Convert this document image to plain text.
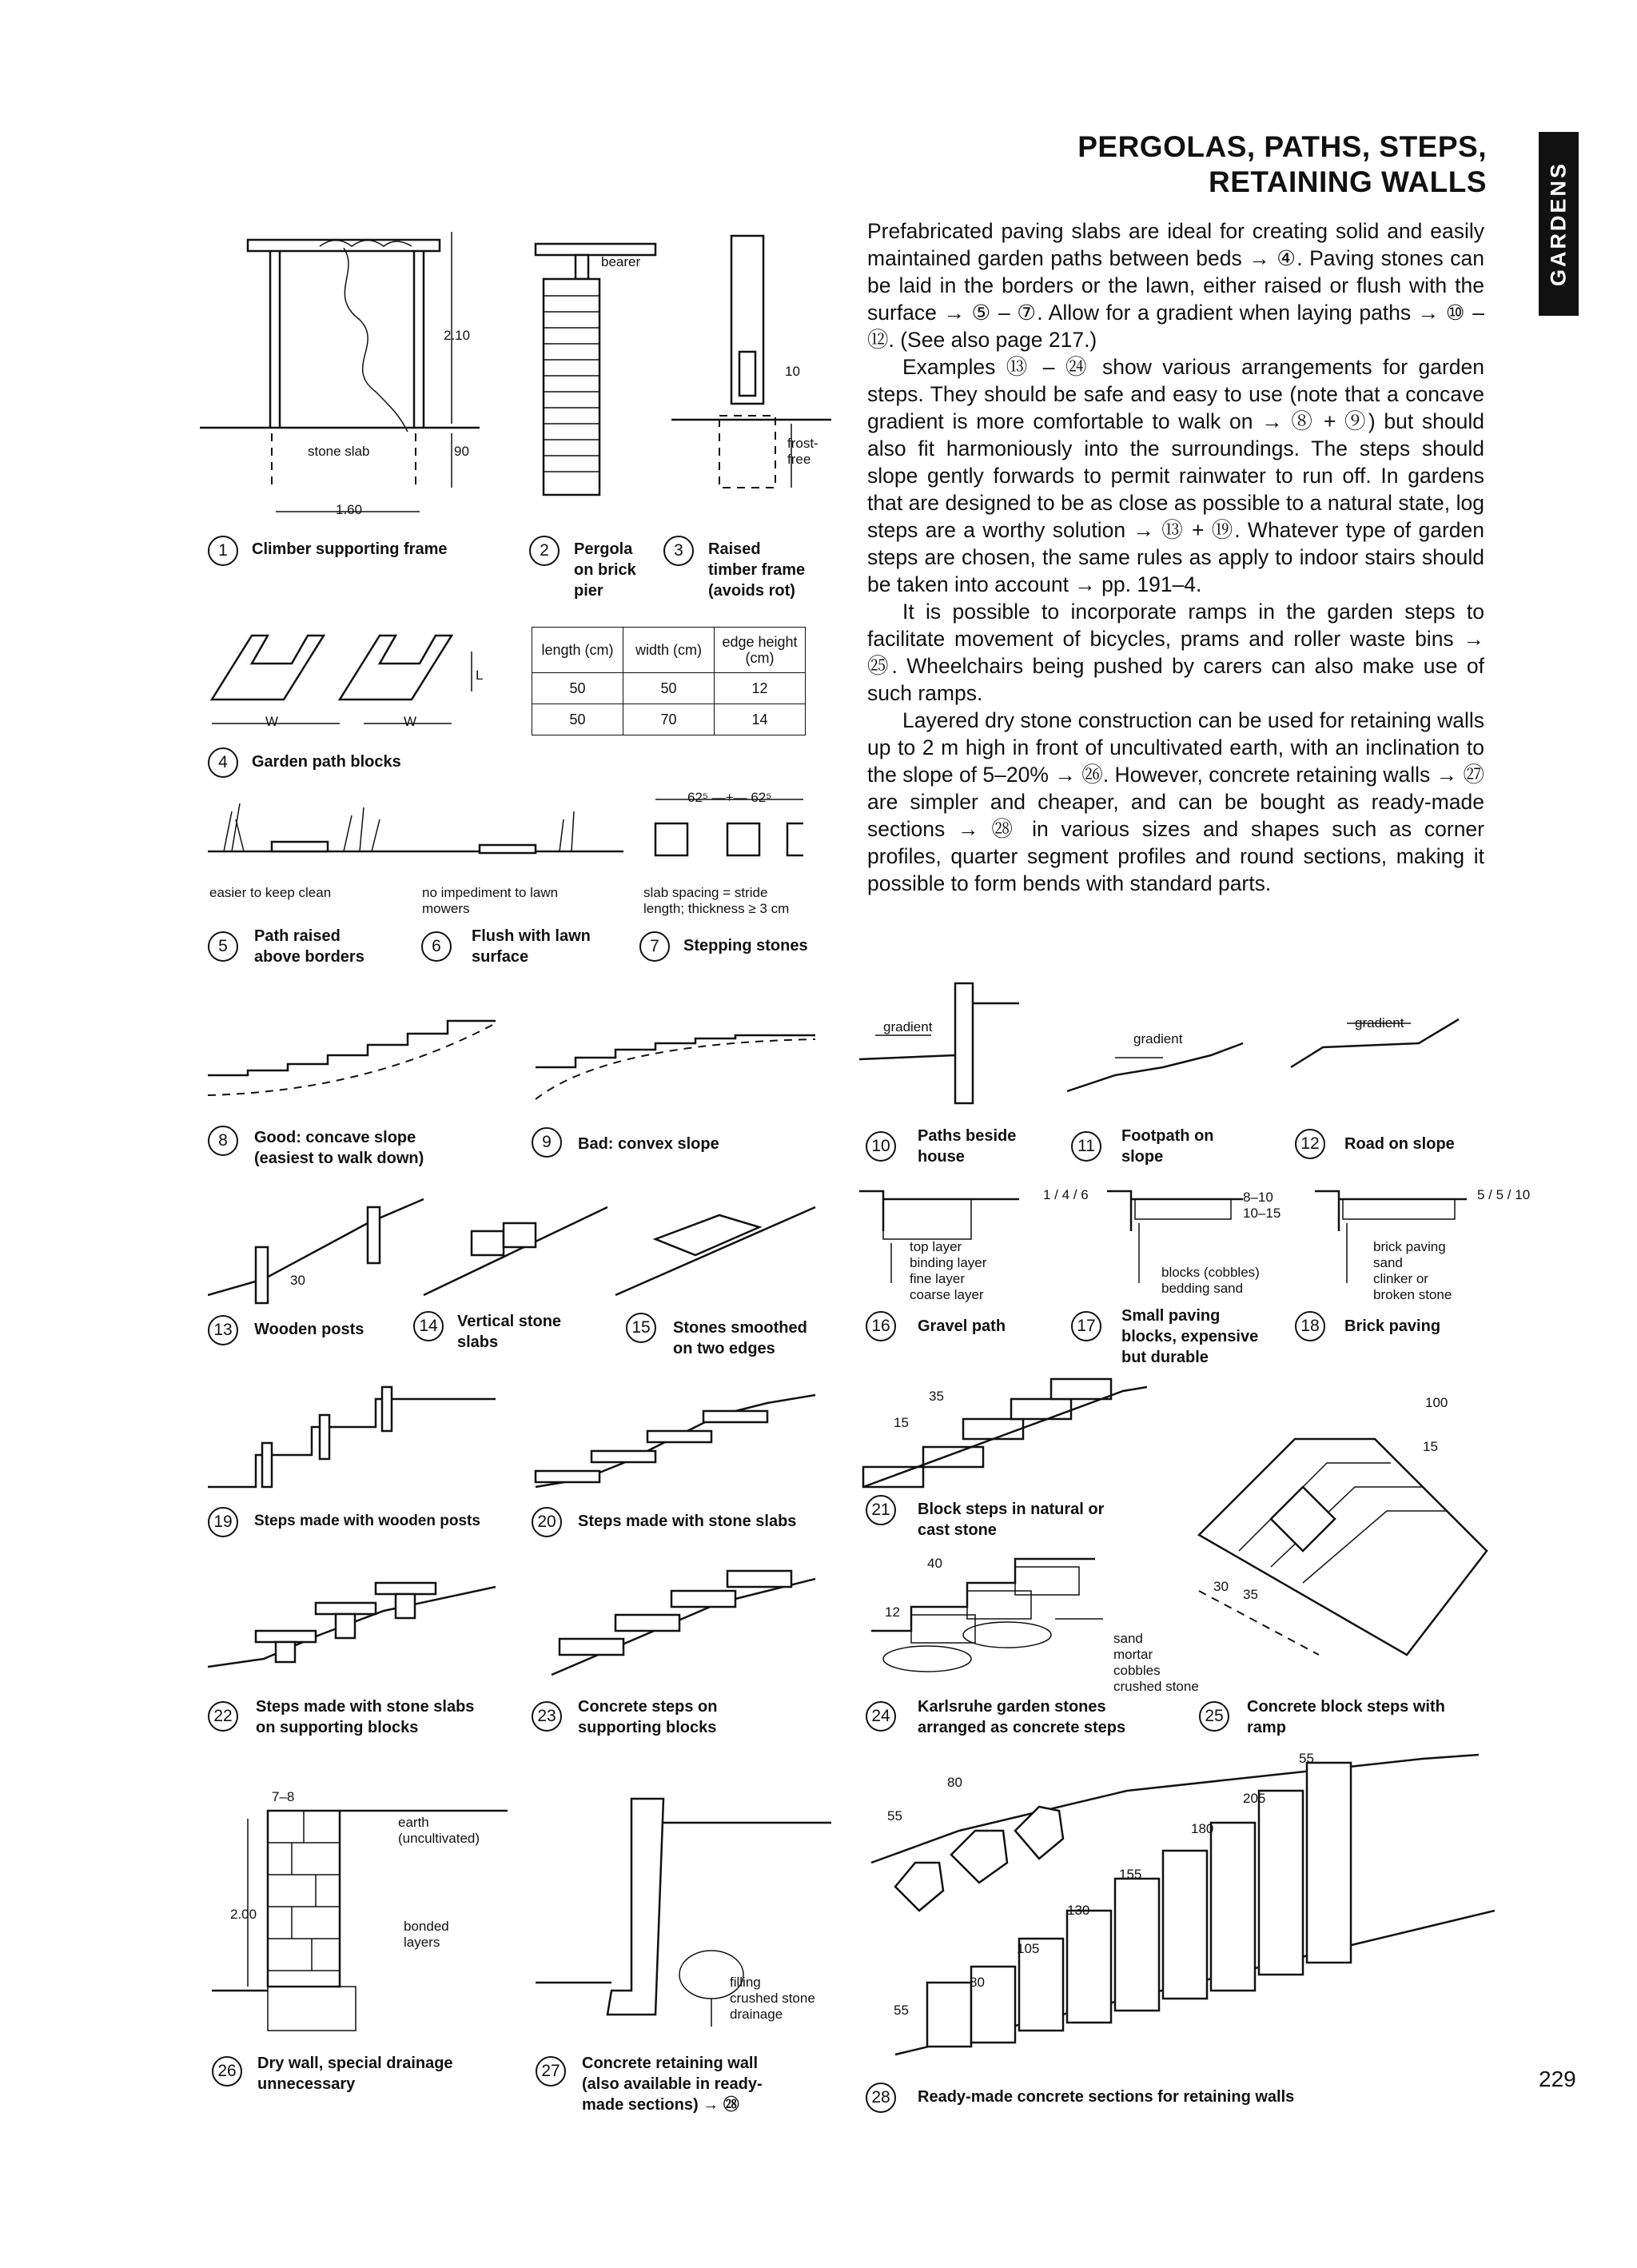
PERGOLAS, PATHS, STEPS,
RETAINING WALLS	GARDENS

Prefabricated paving slabs are ideal for creating solid and easily maintained garden paths between beds → ④. Paving stones can be laid in the borders or the lawn, either raised or flush with the surface → ⑤ – ⑦. Allow for a gradient when laying paths → ⑩ – ⑫. (See also page 217.)

Examples ⑬ – ㉔ show various arrangements for garden steps. They should be safe and easy to use (note that a concave gradient is more comfortable to walk on → ⑧ + ⑨) but should also fit harmoniously into the surroundings. The steps should slope gently forwards to permit rainwater to run off. In gardens that are designed to be as close as possible to a natural state, log steps are a worthy solution → ⑬ + ⑲. Whatever type of garden steps are chosen, the same rules as apply to indoor stairs should be taken into account → pp. 191–4.

It is possible to incorporate ramps in the garden steps to facilitate movement of bicycles, prams and roller waste bins → ㉕. Wheelchairs being pushed by carers can also make use of such ramps.

Layered dry stone construction can be used for retaining walls up to 2 m high in front of uncultivated earth, with an inclination to the slope of 5–20% → ㉖. However, concrete retaining walls → ㉗ are simpler and cheaper, and can be bought as ready-made sections → ㉘ in various sizes and shapes such as corner profiles, quarter segment profiles and round sections, making it possible to form bends with standard parts.

stone slab
2.10
90
1.60
1	Climber supporting frame
bearer
2	Pergola
on brick
pier
10
frost-
free
3	Raised
timber frame
(avoids rot)
W	W
L
length (cm)	width (cm)	edge height (cm)
50	50	12
50	70	14
4	Garden path blocks
62⁵ —+— 62⁵
easier to keep clean	no impediment to lawn
mowers
slab spacing = stride
length; thickness ≥ 3 cm
5
Path raised
above borders
6
Flush with lawn
surface
7	Stepping stones
8	Good: concave slope
(easiest to walk down)
9	Bad: convex slope
gradient
gradient
gradient
10
Paths beside
house
11
Footpath on
slope
12	Road on slope
30
13	Wooden posts	14	Vertical stone
slabs
15	Stones smoothed
on two edges
1 / 4 / 6
top layer
binding layer
fine layer
coarse layer
8–10
10–15
blocks (cobbles)
bedding sand
5 / 5 / 10
brick paving
sand
clinker or
broken stone
16	Gravel path	17
Small paving
blocks, expensive
but durable
18	Brick paving
19	Steps made with wooden posts	20	Steps made with stone slabs
22	Steps made with stone slabs
on supporting blocks
23	Concrete steps on
supporting blocks
35
15
21	Block steps in natural or
cast stone
40
12
sand
mortar
cobbles
crushed stone
24	Karlsruhe garden stones
arranged as concrete steps
100
15
30
35
25	Concrete block steps with
ramp
7–8
2.00
earth
(uncultivated)
bonded
layers
26	Dry wall, special drainage
unnecessary
filling
crushed stone
drainage
27	Concrete retaining wall
(also available in ready-
made sections) → ㉘
55
55
80
105
130
155
180
205
55
80
28	Ready-made concrete sections for retaining walls
229
